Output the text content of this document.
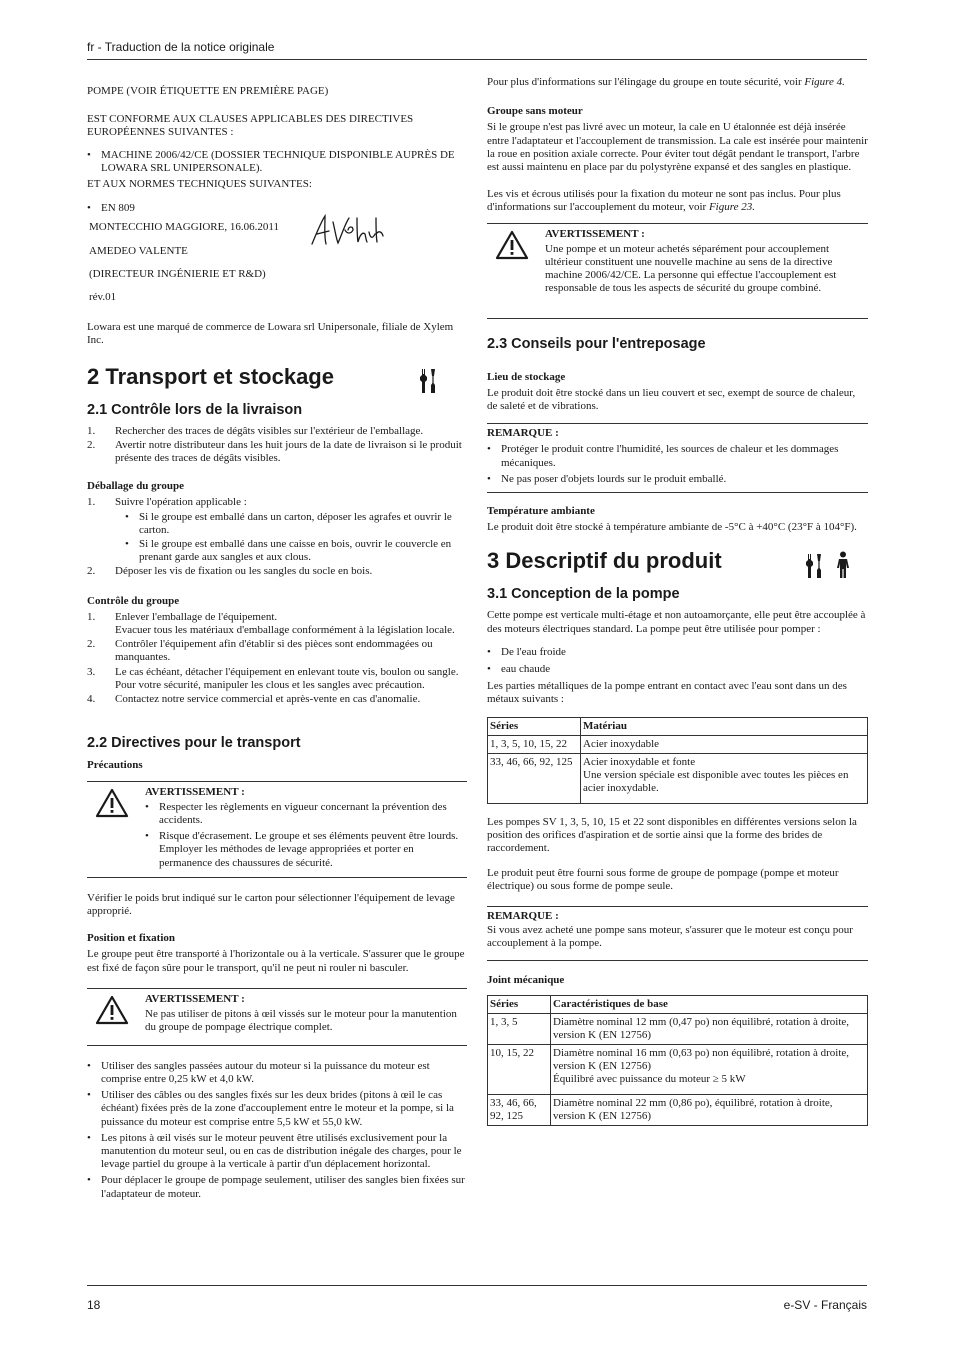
fr - Traduction de la notice originale

POMPE (VOIR ÉTIQUETTE EN PREMIÈRE PAGE)

EST CONFORME AUX CLAUSES APPLICABLES DES DIRECTIVES EUROPÉENNES SUIVANTES :

• MACHINE 2006/42/CE (DOSSIER TECHNIQUE DISPONIBLE AUPRÈS DE LOWARA SRL UNIPERSONALE).

ET AUX NORMES TECHNIQUES SUIVANTES:

• EN 809

MONTECCHIO MAGGIORE, 16.06.2011

AMEDEO VALENTE

(DIRECTEUR INGÉNIERIE ET R&D)

rév.01

Lowara est une marqué de commerce de Lowara srl Unipersonale, filiale de Xylem Inc.

2 Transport et stockage
2.1 Contrôle lors de la livraison
1. Rechercher des traces de dégâts visibles sur l'extérieur de l'emballage.
2. Avertir notre distributeur dans les huit jours de la date de livraison si le produit présente des traces de dégâts visibles.
Déballage du groupe
1. Suivre l'opération applicable :
• Si le groupe est emballé dans un carton, déposer les agrafes et ouvrir le carton.
• Si le groupe est emballé dans une caisse en bois, ouvrir le couvercle en prenant garde aux sangles et aux clous.
2. Déposer les vis de fixation ou les sangles du socle en bois.
Contrôle du groupe
1. Enlever l'emballage de l'équipement.
Evacuer tous les matériaux d'emballage conformément à la législation locale.
2. Contrôler l'équipement afin d'établir si des pièces sont endommagées ou manquantes.
3. Le cas échéant, détacher l'équipement en enlevant toute vis, boulon ou sangle.
Pour votre sécurité, manipuler les clous et les sangles avec précaution.
4. Contactez notre service commercial et après-vente en cas d'anomalie.
2.2 Directives pour le transport
Précautions
AVERTISSEMENT :
• Respecter les règlements en vigueur concernant la prévention des accidents.
• Risque d'écrasement. Le groupe et ses éléments peuvent être lourds. Employer les méthodes de levage appropriées et porter en permanence des chaussures de sécurité.

Vérifier le poids brut indiqué sur le carton pour sélectionner l'équipement de levage approprié.

Position et fixation

Le groupe peut être transporté à l'horizontale ou à la verticale. S'assurer que le groupe est fixé de façon sûre pour le transport, qu'il ne peut ni rouler ni basculer.

AVERTISSEMENT :
Ne pas utiliser de pitons à œil vissés sur le moteur pour la manutention du groupe de pompage électrique complet.
• Utiliser des sangles passées autour du moteur si la puissance du moteur est comprise entre 0,25 kW et 4,0 kW.
• Utiliser des câbles ou des sangles fixés sur les deux brides (pitons à œil le cas échéant) fixées près de la zone d'accouplement entre le moteur et la pompe, si la puissance du moteur est comprise entre 5,5 kW et 55,0 kW.
• Les pitons à œil visés sur le moteur peuvent être utilisés exclusivement pour la manutention du moteur seul, ou en cas de distribution inégale des charges, pour le levage partiel du groupe à la verticale à partir d'un déplacement horizontal.
• Pour déplacer le groupe de pompage seulement, utiliser des sangles bien fixées sur l'adaptateur de moteur.

Pour plus d'informations sur l'élingage du groupe en toute sécurité, voir Figure 4.

Groupe sans moteur

Si le groupe n'est pas livré avec un moteur, la cale en U étalonnée est déjà insérée entre l'adaptateur et l'accouplement de transmission. La cale est insérée pour maintenir la roue en position axiale correcte. Pour éviter tout dégât pendant le transport, l'arbre est aussi maintenu en place par du polystyrène expansé et des sangles en plastique.

Les vis et écrous utilisés pour la fixation du moteur ne sont pas inclus. Pour plus d'informations sur l'accouplement du moteur, voir Figure 23.

AVERTISSEMENT :
Une pompe et un moteur achetés séparément pour accouplement ultérieur constituent une nouvelle machine au sens de la directive machine 2006/42/CE. La personne qui effectue l'accouplement est responsable de tous les aspects de sécurité du groupe combiné.
2.3 Conseils pour l'entreposage
Lieu de stockage

Le produit doit être stocké dans un lieu couvert et sec, exempt de source de chaleur, de saleté et de vibrations.

REMARQUE :
• Protéger le produit contre l'humidité, les sources de chaleur et les dommages mécaniques.
• Ne pas poser d'objets lourds sur le produit emballé.
Température ambiante

Le produit doit être stocké à température ambiante de -5°C à +40°C (23°F à 104°F).

3 Descriptif du produit
3.1 Conception de la pompe

Cette pompe est verticale multi-étage et non autoamorçante, elle peut être accouplée à des moteurs électriques standard. La pompe peut être utilisée pour pomper :

• De l'eau froide
• eau chaude

Les parties métalliques de la pompe entrant en contact avec l'eau sont dans un des métaux suivants :

Séries	Matériau
1, 3, 5, 10, 15, 22	Acier inoxydable
33, 46, 66, 92, 125	Acier inoxydable et fonte
Une version spéciale est disponible avec toutes les pièces en acier inoxydable.

Les pompes SV 1, 3, 5, 10, 15 et 22 sont disponibles en différentes versions selon la position des orifices d'aspiration et de sortie ainsi que la forme des brides de raccordement.

Le produit peut être fourni sous forme de groupe de pompage (pompe et moteur électrique) ou sous forme de pompe seule.

REMARQUE :
Si vous avez acheté une pompe sans moteur, s'assurer que le moteur est conçu pour accouplement à la pompe.
Joint mécanique
Séries	Caractéristiques de base
1, 3, 5	Diamètre nominal 12 mm (0,47 po) non équilibré, rotation à droite, version K (EN 12756)
10, 15, 22	Diamètre nominal 16 mm (0,63 po) non équilibré, rotation à droite, version K (EN 12756)
Équilibré avec puissance du moteur ≥ 5 kW
33, 46, 66, 92, 125	Diamètre nominal 22 mm (0,86 po), équilibré, rotation à droite, version K (EN 12756)
18	e-SV - Français
